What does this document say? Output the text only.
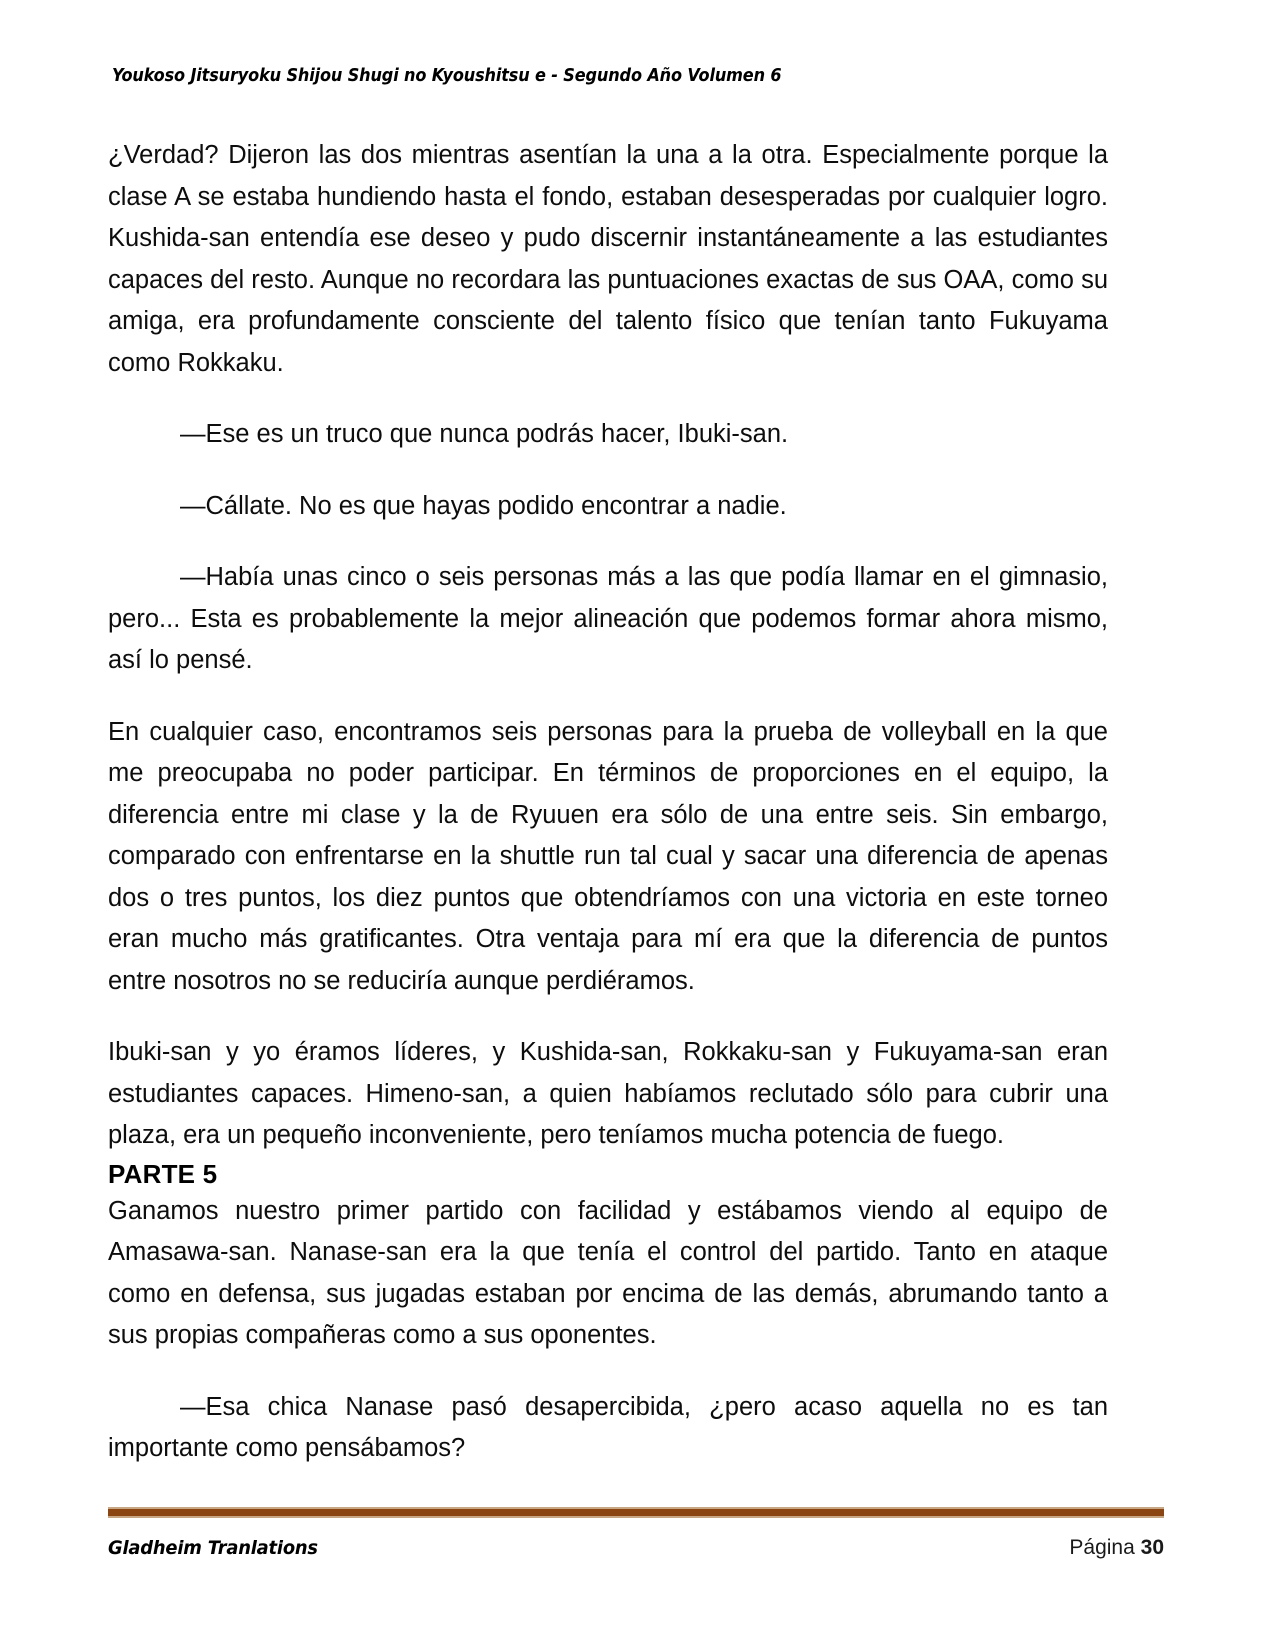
Youkoso Jitsuryoku Shijou Shugi no Kyoushitsu e - Segundo Año Volumen 6

¿Verdad? Dijeron las dos mientras asentían la una a la otra. Especialmente porque la clase A se estaba hundiendo hasta el fondo, estaban desesperadas por cualquier logro. Kushida-san entendía ese deseo y pudo discernir instantáneamente a las estudiantes capaces del resto. Aunque no recordara las puntuaciones exactas de sus OAA, como su amiga, era profundamente consciente del talento físico que tenían tanto Fukuyama como Rokkaku.

—Ese es un truco que nunca podrás hacer, Ibuki-san.

—Cállate. No es que hayas podido encontrar a nadie.

—Había unas cinco o seis personas más a las que podía llamar en el gimnasio, pero... Esta es probablemente la mejor alineación que podemos formar ahora mismo, así lo pensé.

En cualquier caso, encontramos seis personas para la prueba de volleyball en la que me preocupaba no poder participar. En términos de proporciones en el equipo, la diferencia entre mi clase y la de Ryuuen era sólo de una entre seis. Sin embargo, comparado con enfrentarse en la shuttle run tal cual y sacar una diferencia de apenas dos o tres puntos, los diez puntos que obtendríamos con una victoria en este torneo eran mucho más gratificantes. Otra ventaja para mí era que la diferencia de puntos entre nosotros no se reduciría aunque perdiéramos.

Ibuki-san y yo éramos líderes, y Kushida-san, Rokkaku-san y Fukuyama-san eran estudiantes capaces. Himeno-san, a quien habíamos reclutado sólo para cubrir una plaza, era un pequeño inconveniente, pero teníamos mucha potencia de fuego.

PARTE 5

Ganamos nuestro primer partido con facilidad y estábamos viendo al equipo de Amasawa-san. Nanase-san era la que tenía el control del partido. Tanto en ataque como en defensa, sus jugadas estaban por encima de las demás, abrumando tanto a sus propias compañeras como a sus oponentes.

—Esa chica Nanase pasó desapercibida, ¿pero acaso aquella no es tan importante como pensábamos?

Gladheim Tranlations	Página 30
